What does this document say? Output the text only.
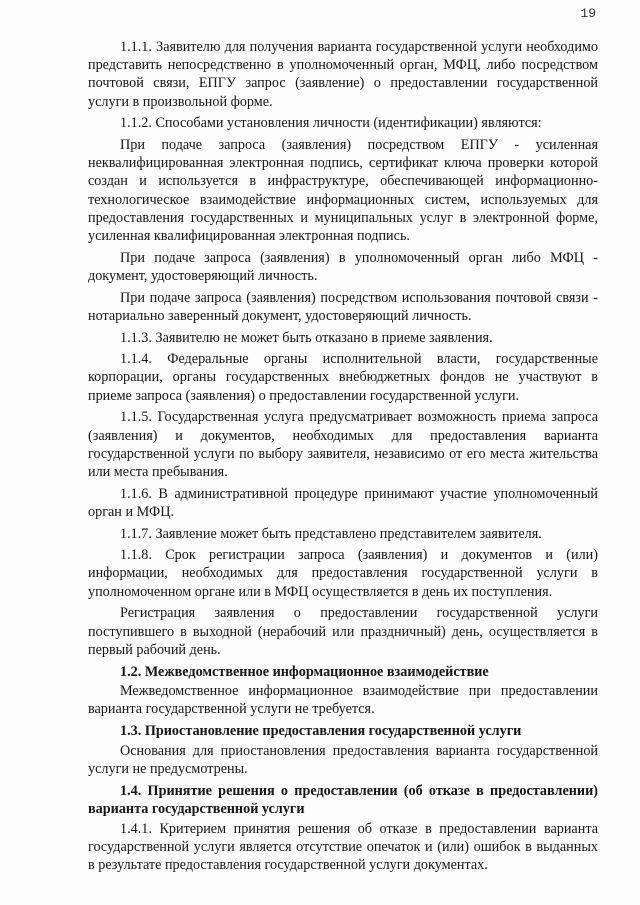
19

1.1.1. Заявителю для получения варианта государственной услуги необходимо представить непосредственно в уполномоченный орган, МФЦ, либо посредством почтовой связи, ЕПГУ запрос (заявление) о предоставлении государственной услуги в произвольной форме.

1.1.2. Способами установления личности (идентификации) являются:

При подаче запроса (заявления) посредством ЕПГУ - усиленная неквалифицированная электронная подпись, сертификат ключа проверки которой создан и используется в инфраструктуре, обеспечивающей информационно-технологическое взаимодействие информационных систем, используемых для предоставления государственных и муниципальных услуг в электронной форме, усиленная квалифицированная электронная подпись.

При подаче запроса (заявления) в уполномоченный орган либо МФЦ - документ, удостоверяющий личность.

При подаче запроса (заявления) посредством использования почтовой связи - нотариально заверенный документ, удостоверяющий личность.

1.1.3. Заявителю не может быть отказано в приеме заявления.

1.1.4. Федеральные органы исполнительной власти, государственные корпорации, органы государственных внебюджетных фондов не участвуют в приеме запроса (заявления) о предоставлении государственной услуги.

1.1.5. Государственная услуга предусматривает возможность приема запроса (заявления) и документов, необходимых для предоставления варианта государственной услуги по выбору заявителя, независимо от его места жительства или места пребывания.

1.1.6. В административной процедуре принимают участие уполномоченный орган и МФЦ.

1.1.7. Заявление может быть представлено представителем заявителя.

1.1.8. Срок регистрации запроса (заявления) и документов и (или) информации, необходимых для предоставления государственной услуги в уполномоченном органе или в МФЦ осуществляется в день их поступления.

Регистрация заявления о предоставлении государственной услуги поступившего в выходной (нерабочий или праздничный) день, осуществляется в первый рабочий день.

1.2. Межведомственное информационное взаимодействие

Межведомственное информационное взаимодействие при предоставлении варианта государственной услуги не требуется.

1.3. Приостановление предоставления государственной услуги

Основания для приостановления предоставления варианта государственной услуги не предусмотрены.

1.4. Принятие решения о предоставлении (об отказе в предоставлении) варианта государственной услуги

1.4.1. Критерием принятия решения об отказе в предоставлении варианта государственной услуги является отсутствие опечаток и (или) ошибок в выданных в результате предоставления государственной услуги документах.
